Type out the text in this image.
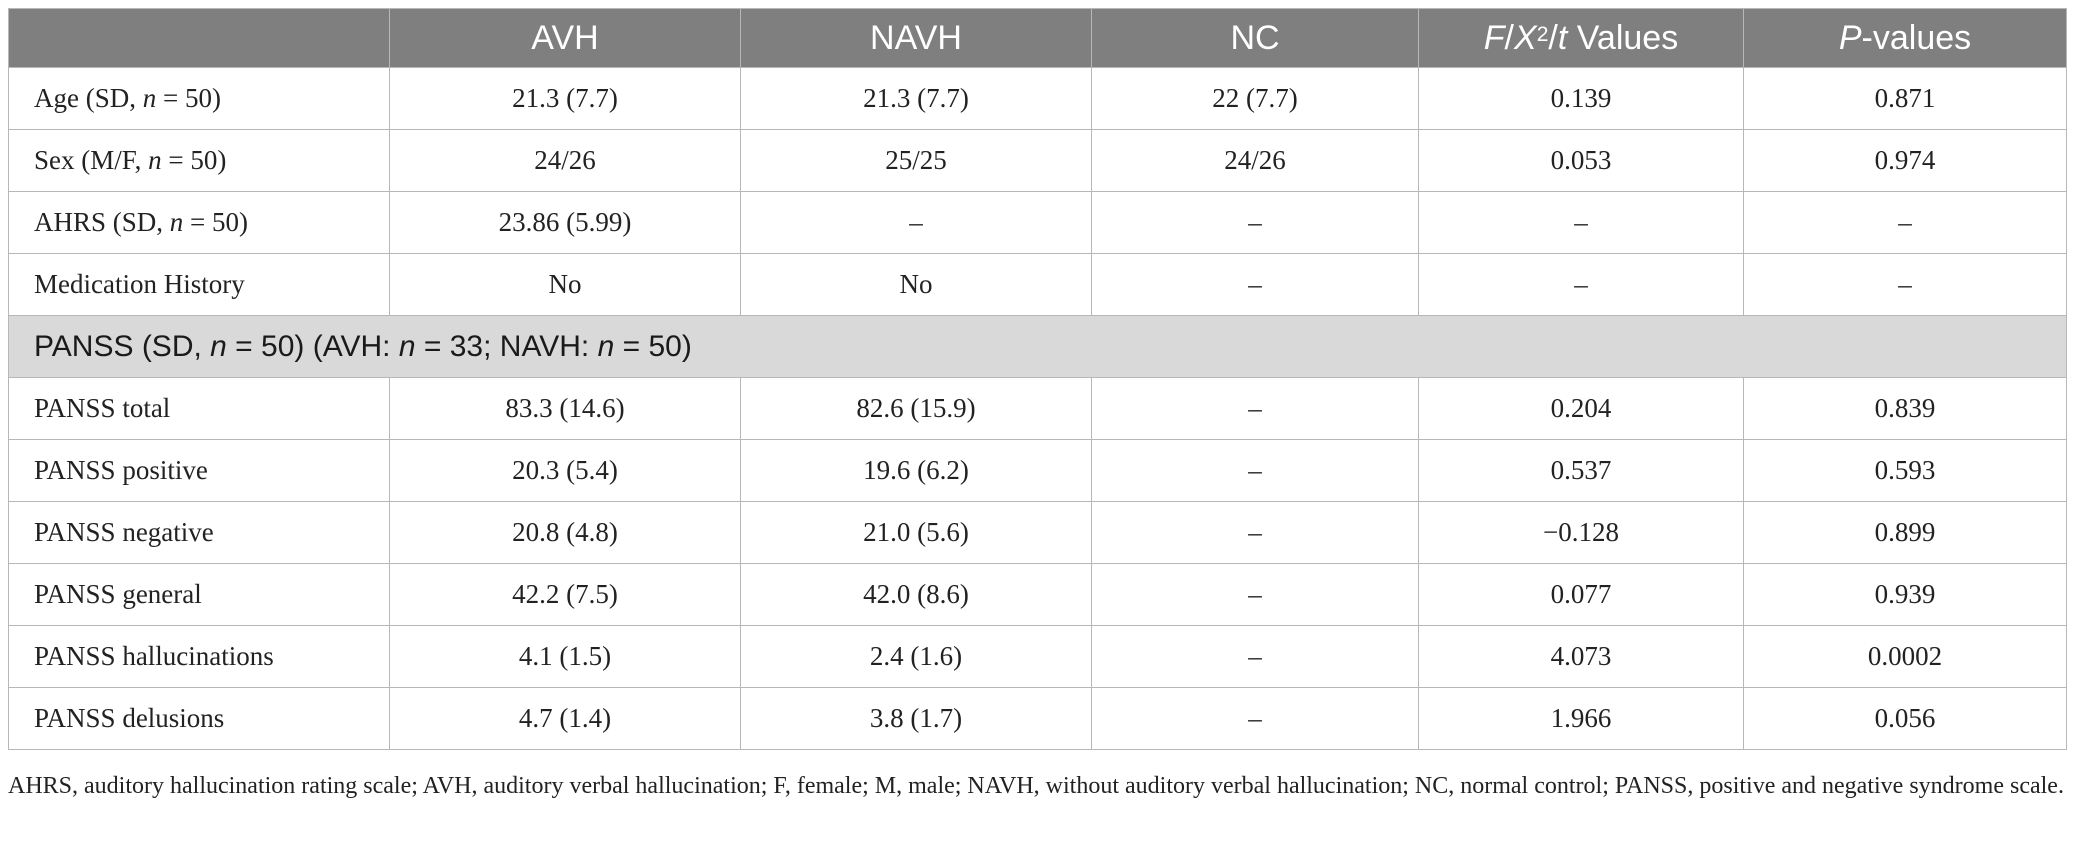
	AVH	NAVH	NC	$F/X^2/t$ Values	P-values
Age (SD, n = 50)	21.3 (7.7)	21.3 (7.7)	22 (7.7)	0.139	0.871
Sex (M/F, n = 50)	24/26	25/25	24/26	0.053	0.974
AHRS (SD, n = 50)	23.86 (5.99)	–	–	–	–
Medication History	No	No	–	–	–
PANSS (SD, n = 50) (AVH: n = 33; NAVH: n = 50)					
PANSS total	83.3 (14.6)	82.6 (15.9)	–	0.204	0.839
PANSS positive	20.3 (5.4)	19.6 (6.2)	–	0.537	0.593
PANSS negative	20.8 (4.8)	21.0 (5.6)	–	−0.128	0.899
PANSS general	42.2 (7.5)	42.0 (8.6)	–	0.077	0.939
PANSS hallucinations	4.1 (1.5)	2.4 (1.6)	–	4.073	0.0002
PANSS delusions	4.7 (1.4)	3.8 (1.7)	–	1.966	0.056
AHRS, auditory hallucination rating scale; AVH, auditory verbal hallucination; F, female; M, male; NAVH, without auditory verbal hallucination; NC, normal control; PANSS, positive and negative syndrome scale.
